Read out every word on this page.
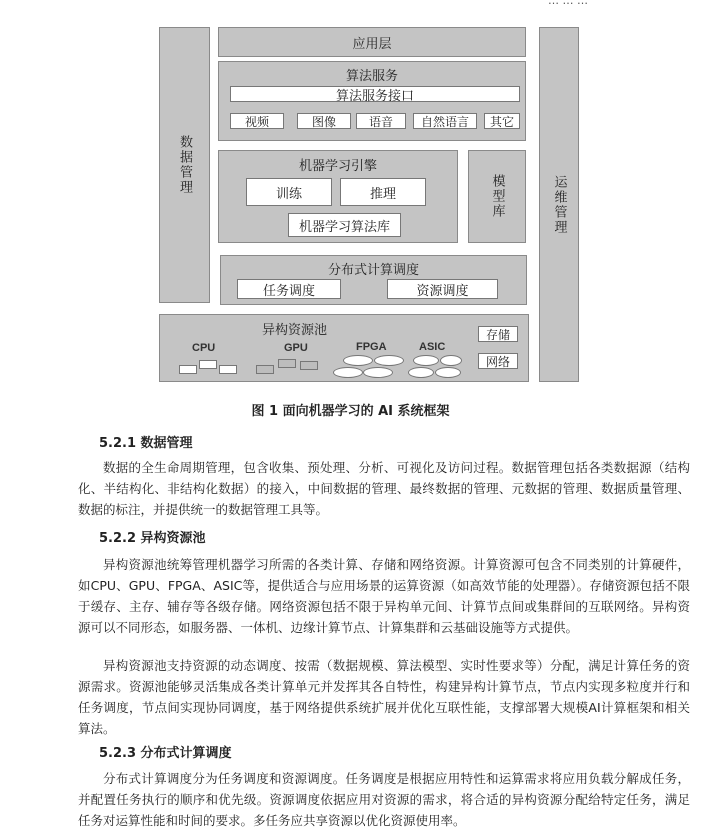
… … …
数据管理
运维管理
应用层
算法服务
算法服务接口
视频	图像	语音	自然语言	其它
机器学习引擎
训练	推理
机器学习算法库
模型库
分布式计算调度
任务调度	资源调度
异构资源池
CPU	GPU	FPGA	ASIC
存储
网络
图 1 面向机器学习的 AI 系统框架
5.2.1 数据管理
数据的全生命周期管理，包含收集、预处理、分析、可视化及访问过程。数据管理包括各类数据源（结构化、半结构化、非结构化数据）的接入，中间数据的管理、最终数据的管理、元数据的管理、数据质量管理、数据的标注，并提供统一的数据管理工具等。
5.2.2 异构资源池
异构资源池统筹管理机器学习所需的各类计算、存储和网络资源。计算资源可包含不同类别的计算硬件，如CPU、GPU、FPGA、ASIC等，提供适合与应用场景的运算资源（如高效节能的处理器）。存储资源包括不限于缓存、主存、辅存等各级存储。网络资源包括不限于异构单元间、计算节点间或集群间的互联网络。异构资源可以不同形态，如服务器、一体机、边缘计算节点、计算集群和云基础设施等方式提供。
异构资源池支持资源的动态调度、按需（数据规模、算法模型、实时性要求等）分配，满足计算任务的资源需求。资源池能够灵活集成各类计算单元并发挥其各自特性，构建异构计算节点，节点内实现多粒度并行和任务调度，节点间实现协同调度，基于网络提供系统扩展并优化互联性能，支撑部署大规模AI计算框架和相关算法。
5.2.3 分布式计算调度
分布式计算调度分为任务调度和资源调度。任务调度是根据应用特性和运算需求将应用负载分解成任务，并配置任务执行的顺序和优先级。资源调度依据应用对资源的需求，将合适的异构资源分配给特定任务，满足任务对运算性能和时间的要求。多任务应共享资源以优化资源使用率。
